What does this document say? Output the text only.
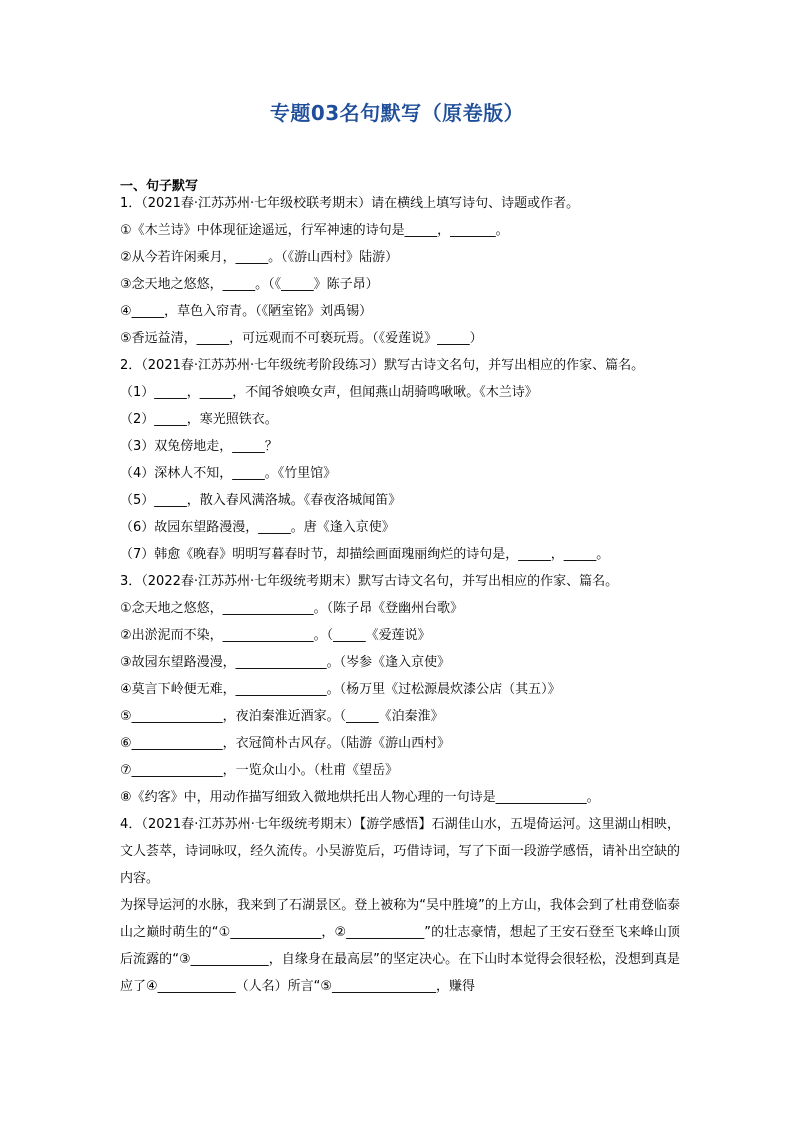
专题03名句默写（原卷版）
一、句子默写
1．（2021春·江苏苏州·七年级校联考期末）请在横线上填写诗句、诗题或作者。
①《木兰诗》中体现征途遥远，行军神速的诗句是_____，_______。
②从今若许闲乘月，_____。（《游山西村》陆游）
③念天地之悠悠，_____。（《_____》陈子昂）
④_____，草色入帘青。（《陋室铭》刘禹锡）
⑤香远益清，_____，可远观而不可亵玩焉。（《爱莲说》_____）
2．（2021春·江苏苏州·七年级统考阶段练习）默写古诗文名句，并写出相应的作家、篇名。
（1）_____，_____，不闻爷娘唤女声，但闻燕山胡骑鸣啾啾。《木兰诗》
（2）_____，寒光照铁衣。
（3）双兔傍地走，_____？
（4）深林人不知，_____。《竹里馆》
（5）_____，散入春风满洛城。《春夜洛城闻笛》
（6）故园东望路漫漫，_____。唐《逢入京使》
（7）韩愈《晚春》明明写暮春时节，却描绘画面瑰丽绚烂的诗句是，_____，_____。
3．（2022春·江苏苏州·七年级统考期末）默写古诗文名句，并写出相应的作家、篇名。
①念天地之悠悠，______________。（陈子昂《登幽州台歌》
②出淤泥而不染，______________。（_____《爱莲说》
③故园东望路漫漫，______________。（岑参《逢入京使》
④莫言下岭便无难，______________。（杨万里《过松源晨炊漆公店（其五）》
⑤______________，夜泊秦淮近酒家。（_____《泊秦淮》
⑥______________，衣冠简朴古风存。（陆游《游山西村》
⑦______________，一览众山小。（杜甫《望岳》
⑧《约客》中，用动作描写细致入微地烘托出人物心理的一句诗是______________。
4．（2021春·江苏苏州·七年级统考期末）【游学感悟】石湖佳山水，五堤倚运河。这里湖山相映，文人荟萃，诗词咏叹，经久流传。小吴游览后，巧借诗词，写了下面一段游学感悟，请补出空缺的内容。
为探导运河的水脉，我来到了石湖景区。登上被称为“吴中胜境”的上方山，我体会到了杜甫登临泰山之巅时萌生的“①______________，②____________”的壮志豪情，想起了王安石登至飞来峰山顶后流露的“③____________，自缘身在最高层”的坚定决心。在下山时本觉得会很轻松，没想到真是应了④____________（人名）所言“⑤________________，赚得
